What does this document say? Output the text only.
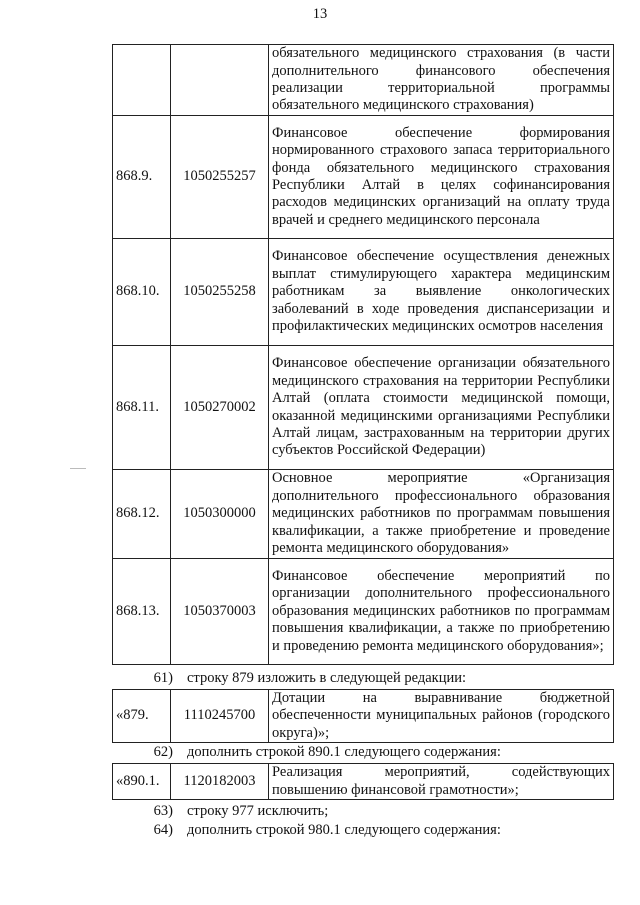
13
		обязательного медицинского страхования (в части дополнительного финансового обеспечения реализации территориальной программы обязательного медицинского страхования)
868.9.	1050255257	Финансовое обеспечение формирования нормированного страхового запаса территориального фонда обязательного медицинского страхования Республики Алтай в целях софинансирования расходов медицинских организаций на оплату труда врачей и среднего медицинского персонала
868.10.	1050255258	Финансовое обеспечение осуществления денежных выплат стимулирующего характера медицинским работникам за выявление онкологических заболеваний в ходе проведения диспансеризации и профилактических медицинских осмотров населения
868.11.	1050270002	Финансовое обеспечение организации обязательного медицинского страхования на территории Республики Алтай (оплата стоимости медицинской помощи, оказанной медицинскими организациями Республики Алтай лицам, застрахованным на территории других субъектов Российской Федерации)
868.12.	1050300000	Основное мероприятие «Организация дополнительного профессионального образования медицинских работников по программам повышения квалификации, а также приобретение и проведение ремонта медицинского оборудования»
868.13.	1050370003	Финансовое обеспечение мероприятий по организации дополнительного профессионального образования медицинских работников по программам повышения квалификации, а также по приобретению и проведению ремонта медицинского оборудования»;
61) строку 879 изложить в следующей редакции:
«879.	1110245700	Дотации на выравнивание бюджетной обеспеченности муниципальных районов (городского округа)»;
62) дополнить строкой 890.1 следующего содержания:
«890.1.	1120182003	Реализация мероприятий, содействующих повышению финансовой грамотности»;
63) строку 977 исключить;
64) дополнить строкой 980.1 следующего содержания:
